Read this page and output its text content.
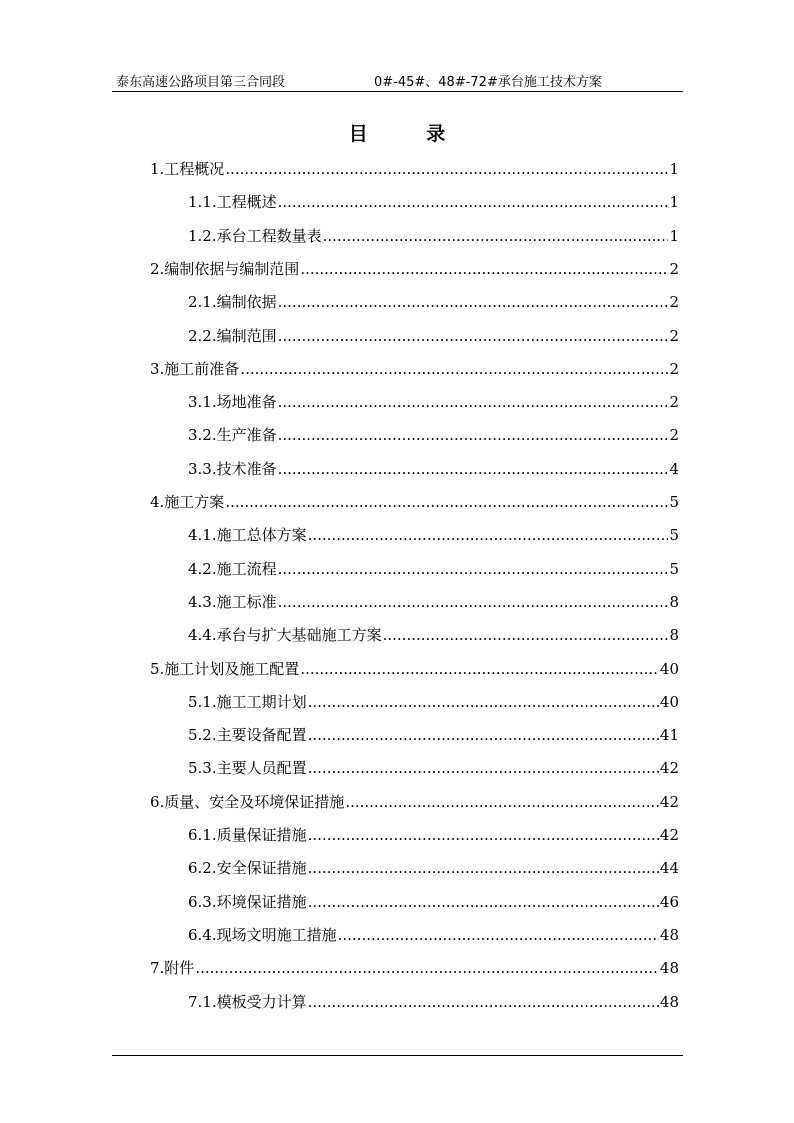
泰东高速公路项目第三合同段	0#-45#、48#-72#承台施工技术方案
目 录
1.工程概况 .....	1
1.1.工程概述 .....	1
1.2.承台工程数量表 .....	1
2.编制依据与编制范围 .....	2
2.1.编制依据 .....	2
2.2.编制范围 .....	2
3.施工前准备 .....	2
3.1.场地准备 .....	2
3.2.生产准备 .....	2
3.3.技术准备 .....	4
4.施工方案 .....	5
4.1.施工总体方案 .....	5
4.2.施工流程 .....	5
4.3.施工标准 .....	8
4.4.承台与扩大基础施工方案 .....	8
5.施工计划及施工配置 .....	40
5.1.施工工期计划 .....	40
5.2.主要设备配置 .....	41
5.3.主要人员配置 .....	42
6.质量、安全及环境保证措施 .....	42
6.1.质量保证措施 .....	42
6.2.安全保证措施 .....	44
6.3.环境保证措施 .....	46
6.4.现场文明施工措施 .....	48
7.附件 .....	48
7.1.模板受力计算 .....	48
